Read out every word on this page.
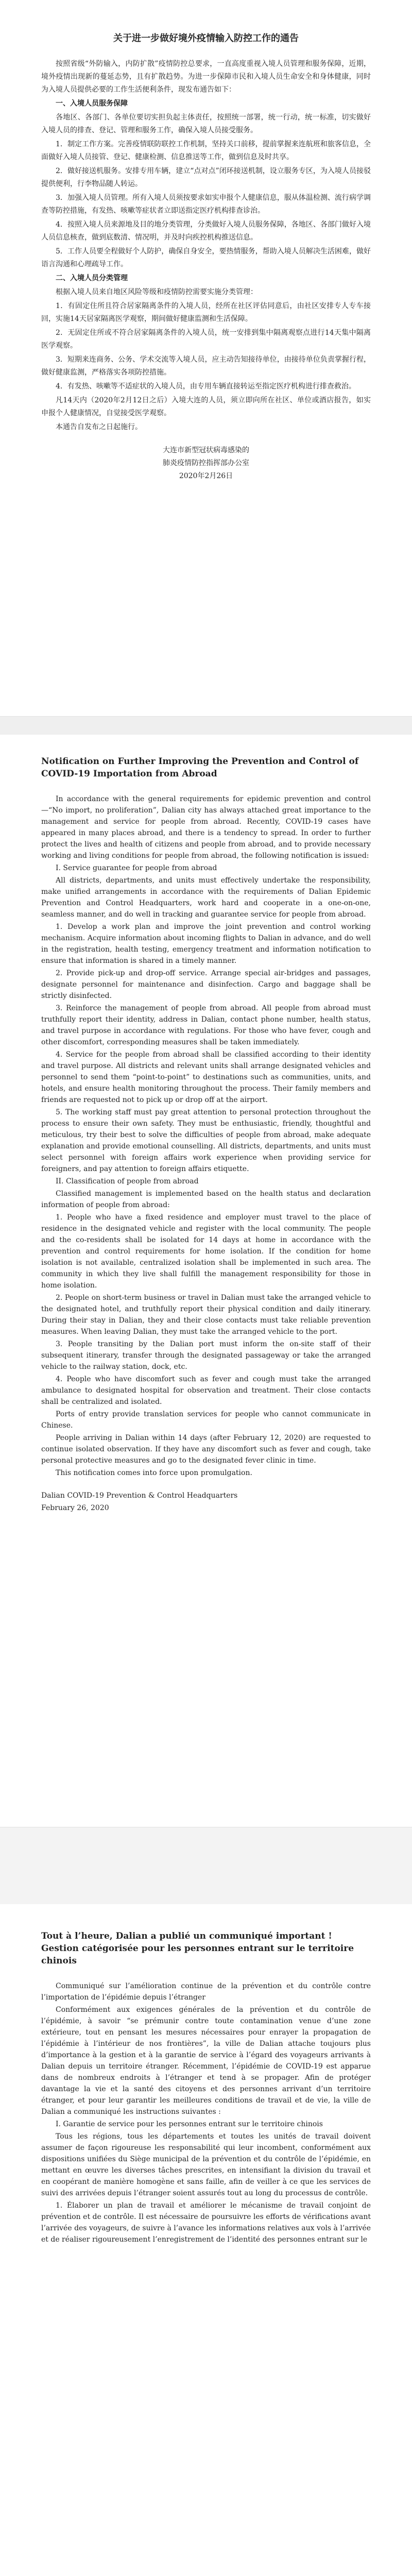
关于进一步做好境外疫情输入防控工作的通告

按照省级“外防输入，内防扩散”疫情防控总要求，一直高度重视入境人员管理和服务保障，近期，境外疫情出现新的蔓延态势，且有扩散趋势。为进一步保障市民和入境人员生命安全和身体健康，同时为入境人员提供必要的工作生活便利条件，现发布通告如下：

一、入境人员服务保障

各地区、各部门、各单位要切实担负起主体责任，按照统一部署，统一行动，统一标准，切实做好入境人员的排查、登记、管理和服务工作，确保入境人员接受服务。

1．制定工作方案。完善疫情联防联控工作机制，坚持关口前移，提前掌握来连航班和旅客信息，全面做好入境人员接管、登记、健康检测、信息推送等工作，做到信息及时共享。

2．做好接送机服务。安排专用车辆，建立“点对点”闭环接送机制，设立服务专区，为入境人员接驳提供便利，行李物品随人转运。

3．加强入境人员管理。所有入境人员须按要求如实申报个人健康信息，服从体温检测、流行病学调查等防控措施，有发热、咳嗽等症状者立即送指定医疗机构排查诊治。

4．按照入境人员来源地及目的地分类管理，分类做好入境人员服务保障，各地区、各部门做好入境人员信息核查，做到底数清、情况明，并及时向疾控机构推送信息。

5．工作人员要全程做好个人防护，确保自身安全，要热情服务，帮助入境人员解决生活困难，做好语言沟通和心理疏导工作。

二、入境人员分类管理

根据入境人员来自地区风险等级和疫情防控需要实施分类管理：

1．有固定住所且符合居家隔离条件的入境人员，经所在社区评估同意后，由社区安排专人专车接回，实施14天居家隔离医学观察，期间做好健康监测和生活保障。

2．无固定住所或不符合居家隔离条件的入境人员，统一安排到集中隔离观察点进行14天集中隔离医学观察。

3．短期来连商务、公务、学术交流等入境人员，应主动告知接待单位，由接待单位负责掌握行程，做好健康监测，严格落实各项防控措施。

4．有发热、咳嗽等不适症状的入境人员，由专用车辆直接转运至指定医疗机构进行排查救治。

凡14天内（2020年2月12日之后）入境大连的人员，须立即向所在社区、单位或酒店报告，如实申报个人健康情况，自觉接受医学观察。

本通告自发布之日起施行。

大连市新型冠状病毒感染的
肺炎疫情防控指挥部办公室
2020年2月26日
Notification on Further Improving the Prevention and Control of COVID-19 Importation from Abroad

In accordance with the general requirements for epidemic prevention and control—“No import, no proliferation”, Dalian city has always attached great importance to the management and service for people from abroad. Recently, COVID-19 cases have appeared in many places abroad, and there is a tendency to spread. In order to further protect the lives and health of citizens and people from abroad, and to provide necessary working and living conditions for people from abroad, the following notification is issued:

I. Service guarantee for people from abroad

All districts, departments, and units must effectively undertake the responsibility, make unified arrangements in accordance with the requirements of Dalian Epidemic Prevention and Control Headquarters, work hard and cooperate in a one-on-one, seamless manner, and do well in tracking and guarantee service for people from abroad.

1. Develop a work plan and improve the joint prevention and control working mechanism. Acquire information about incoming flights to Dalian in advance, and do well in the registration, health testing, emergency treatment and information notification to ensure that information is shared in a timely manner.

2. Provide pick-up and drop-off service. Arrange special air-bridges and passages, designate personnel for maintenance and disinfection. Cargo and baggage shall be strictly disinfected.

3. Reinforce the management of people from abroad. All people from abroad must truthfully report their identity, address in Dalian, contact phone number, health status, and travel purpose in accordance with regulations. For those who have fever, cough and other discomfort, corresponding measures shall be taken immediately.

4. Service for the people from abroad shall be classified according to their identity and travel purpose. All districts and relevant units shall arrange designated vehicles and personnel to send them “point-to-point” to destinations such as communities, units, and hotels, and ensure health monitoring throughout the process. Their family members and friends are requested not to pick up or drop off at the airport.

5. The working staff must pay great attention to personal protection throughout the process to ensure their own safety. They must be enthusiastic, friendly, thoughtful and meticulous, try their best to solve the difficulties of people from abroad, make adequate explanation and provide emotional counselling. All districts, departments, and units must select personnel with foreign affairs work experience when providing service for foreigners, and pay attention to foreign affairs etiquette.

II. Classification of people from abroad

Classified management is implemented based on the health status and declaration information of people from abroad:

1. People who have a fixed residence and employer must travel to the place of residence in the designated vehicle and register with the local community. The people and the co-residents shall be isolated for 14 days at home in accordance with the prevention and control requirements for home isolation. If the condition for home isolation is not available, centralized isolation shall be implemented in such area. The community in which they live shall fulfill the management responsibility for those in home isolation.

2. People on short-term business or travel in Dalian must take the arranged vehicle to the designated hotel, and truthfully report their physical condition and daily itinerary. During their stay in Dalian, they and their close contacts must take reliable prevention measures. When leaving Dalian, they must take the arranged vehicle to the port.

3. People transiting by the Dalian port must inform the on-site staff of their subsequent itinerary, transfer through the designated passageway or take the arranged vehicle to the railway station, dock, etc.

4. People who have discomfort such as fever and cough must take the arranged ambulance to designated hospital for observation and treatment. Their close contacts shall be centralized and isolated.

Ports of entry provide translation services for people who cannot communicate in Chinese.

People arriving in Dalian within 14 days (after February 12, 2020) are requested to continue isolated observation. If they have any discomfort such as fever and cough, take personal protective measures and go to the designated fever clinic in time.

This notification comes into force upon promulgation.

Dalian COVID-19 Prevention & Control Headquarters

February 26, 2020

Tout à l’heure, Dalian a publié un communiqué important ! Gestion catégorisée pour les personnes entrant sur le territoire chinois

Communiqué sur l’amélioration continue de la prévention et du contrôle contre l’importation de l’épidémie depuis l’étranger

Conformément aux exigences générales de la prévention et du contrôle de l’épidémie, à savoir “se prémunir contre toute contamination venue d’une zone extérieure, tout en pensant les mesures nécessaires pour enrayer la propagation de l’épidémie à l’intérieur de nos frontières”, la ville de Dalian attache toujours plus d’importance à la gestion et à la garantie de service à l’égard des voyageurs arrivants à Dalian depuis un territoire étranger. Récemment, l’épidémie de COVID-19 est apparue dans de nombreux endroits à l’étranger et tend à se propager. Afin de protéger davantage la vie et la santé des citoyens et des personnes arrivant d’un territoire étranger, et pour leur garantir les meilleures conditions de travail et de vie, la ville de Dalian a communiqué les instructions suivantes :

I. Garantie de service pour les personnes entrant sur le territoire chinois

Tous les régions, tous les départements et toutes les unités de travail doivent assumer de façon rigoureuse les responsabilité qui leur incombent, conformément aux dispositions unifiées du Siège municipal de la prévention et du contrôle de l’épidémie, en mettant en œuvre les diverses tâches prescrites, en intensifiant la division du travail et en coopérant de manière homogène et sans faille, afin de veiller à ce que les services de suivi des arrivées depuis l’étranger soient assurés tout au long du processus de contrôle.

1. Élaborer un plan de travail et améliorer le mécanisme de travail conjoint de prévention et de contrôle. Il est nécessaire de poursuivre les efforts de vérifications avant l’arrivée des voyageurs, de suivre à l’avance les informations relatives aux vols à l’arrivée et de réaliser rigoureusement l’enregistrement de l’identité des personnes entrant sur le
